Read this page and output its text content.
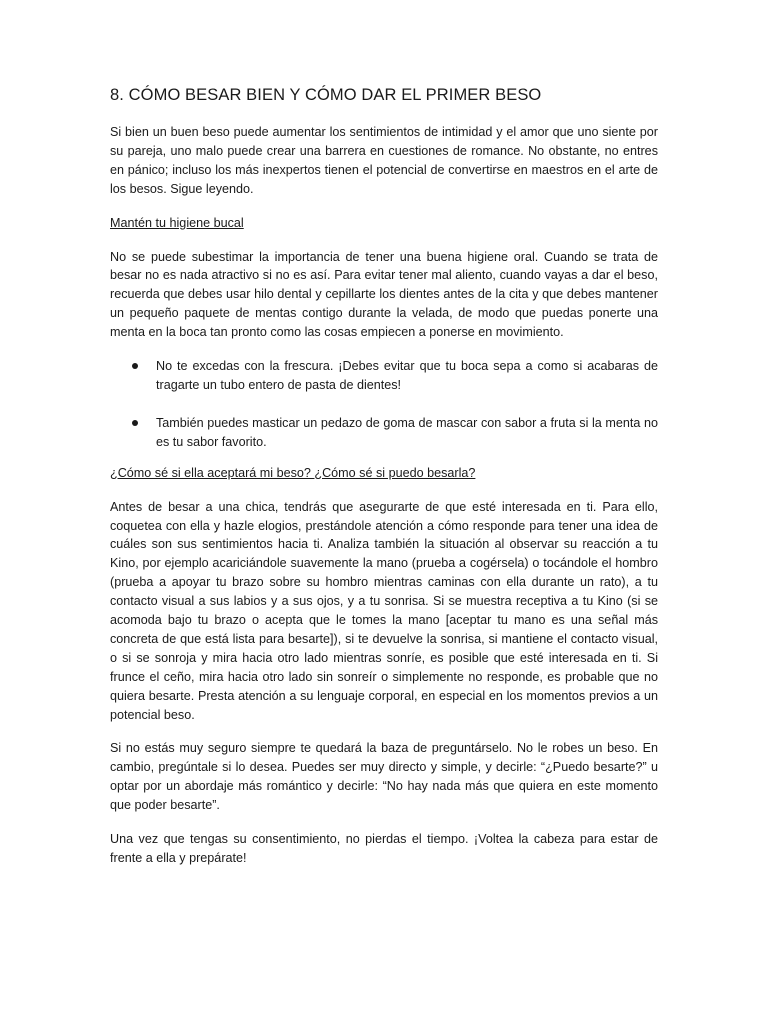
8. CÓMO BESAR BIEN Y CÓMO DAR EL PRIMER BESO

Si bien un buen beso puede aumentar los sentimientos de intimidad y el amor que uno siente por su pareja, uno malo puede crear una barrera en cuestiones de romance. No obstante, no entres en pánico; incluso los más inexpertos tienen el potencial de convertirse en maestros en el arte de los besos. Sigue leyendo.

Mantén tu higiene bucal

No se puede subestimar la importancia de tener una buena higiene oral. Cuando se trata de besar no es nada atractivo si no es así. Para evitar tener mal aliento, cuando vayas a dar el beso, recuerda que debes usar hilo dental y cepillarte los dientes antes de la cita y que debes mantener un pequeño paquete de mentas contigo durante la velada, de modo que puedas ponerte una menta en la boca tan pronto como las cosas empiecen a ponerse en movimiento.

No te excedas con la frescura. ¡Debes evitar que tu boca sepa a como si acabaras de tragarte un tubo entero de pasta de dientes!

También puedes masticar un pedazo de goma de mascar con sabor a fruta si la menta no es tu sabor favorito.

¿Cómo sé si ella aceptará mi beso? ¿Cómo sé si puedo besarla?

Antes de besar a una chica, tendrás que asegurarte de que esté interesada en ti. Para ello, coquetea con ella y hazle elogios, prestándole atención a cómo responde para tener una idea de cuáles son sus sentimientos hacia ti. Analiza también la situación al observar su reacción a tu Kino, por ejemplo acariciándole suavemente la mano (prueba a cogérsela) o tocándole el hombro (prueba a apoyar tu brazo sobre su hombro mientras caminas con ella durante un rato), a tu contacto visual a sus labios y a sus ojos, y a tu sonrisa. Si se muestra receptiva a tu Kino (si se acomoda bajo tu brazo o acepta que le tomes la mano [aceptar tu mano es una señal más concreta de que está lista para besarte]), si te devuelve la sonrisa, si mantiene el contacto visual, o si se sonroja y mira hacia otro lado mientras sonríe, es posible que esté interesada en ti. Si frunce el ceño, mira hacia otro lado sin sonreír o simplemente no responde, es probable que no quiera besarte. Presta atención a su lenguaje corporal, en especial en los momentos previos a un potencial beso.

Si no estás muy seguro siempre te quedará la baza de preguntárselo. No le robes un beso. En cambio, pregúntale si lo desea. Puedes ser muy directo y simple, y decirle: “¿Puedo besarte?” u optar por un abordaje más romántico y decirle: “No hay nada más que quiera en este momento que poder besarte”.

Una vez que tengas su consentimiento, no pierdas el tiempo. ¡Voltea la cabeza para estar de frente a ella y prepárate!
